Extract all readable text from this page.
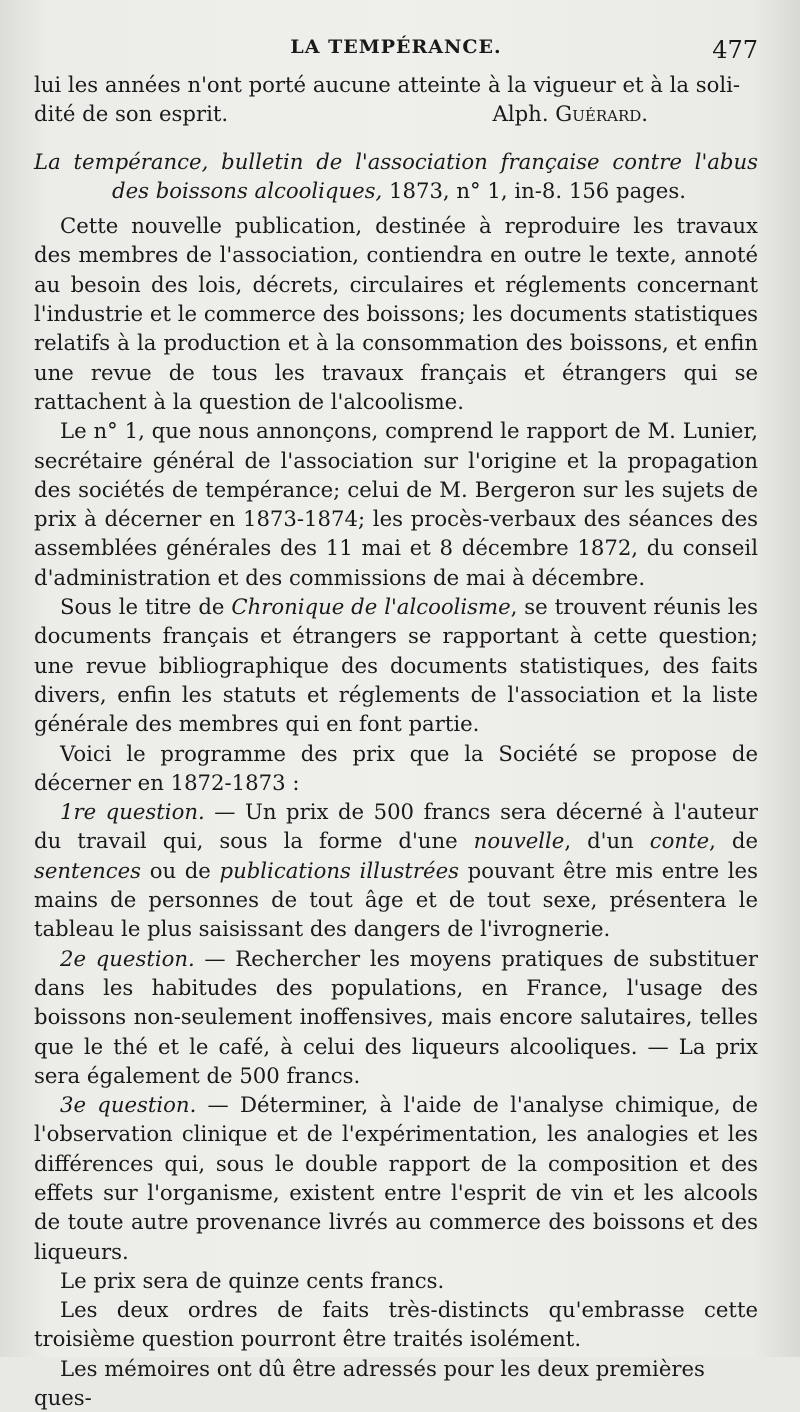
LA TEMPÉRANCE.	477

lui les années n'ont porté aucune atteinte à la vigueur et à la soli-
dité de son esprit.	Alph. Guérard.

La tempérance, bulletin de l'association française contre l'abus des boissons alcooliques, 1873, n° 1, in-8. 156 pages.

Cette nouvelle publication, destinée à reproduire les travaux des membres de l'association, contiendra en outre le texte, annoté au besoin des lois, décrets, circulaires et réglements concernant l'industrie et le commerce des boissons; les documents statistiques relatifs à la production et à la consommation des boissons, et enfin une revue de tous les travaux français et étrangers qui se rattachent à la question de l'alcoolisme.

Le n° 1, que nous annonçons, comprend le rapport de M. Lunier, secrétaire général de l'association sur l'origine et la propagation des sociétés de tempérance; celui de M. Bergeron sur les sujets de prix à décerner en 1873-1874; les procès-verbaux des séances des assemblées générales des 11 mai et 8 décembre 1872, du conseil d'administration et des commissions de mai à décembre.

Sous le titre de Chronique de l'alcoolisme, se trouvent réunis les documents français et étrangers se rapportant à cette question; une revue bibliographique des documents statistiques, des faits divers, enfin les statuts et réglements de l'association et la liste générale des membres qui en font partie.

Voici le programme des prix que la Société se propose de décerner en 1872-1873 :

1re question. — Un prix de 500 francs sera décerné à l'auteur du travail qui, sous la forme d'une nouvelle, d'un conte, de sentences ou de publications illustrées pouvant être mis entre les mains de personnes de tout âge et de tout sexe, présentera le tableau le plus saisissant des dangers de l'ivrognerie.

2e question. — Rechercher les moyens pratiques de substituer dans les habitudes des populations, en France, l'usage des boissons non-seulement inoffensives, mais encore salutaires, telles que le thé et le café, à celui des liqueurs alcooliques. — La prix sera également de 500 francs.

3e question. — Déterminer, à l'aide de l'analyse chimique, de l'observation clinique et de l'expérimentation, les analogies et les différences qui, sous le double rapport de la composition et des effets sur l'organisme, existent entre l'esprit de vin et les alcools de toute autre provenance livrés au commerce des boissons et des liqueurs.

Le prix sera de quinze cents francs.

Les deux ordres de faits très-distincts qu'embrasse cette troisième question pourront être traités isolément.

Les mémoires ont dû être adressés pour les deux premières ques-
